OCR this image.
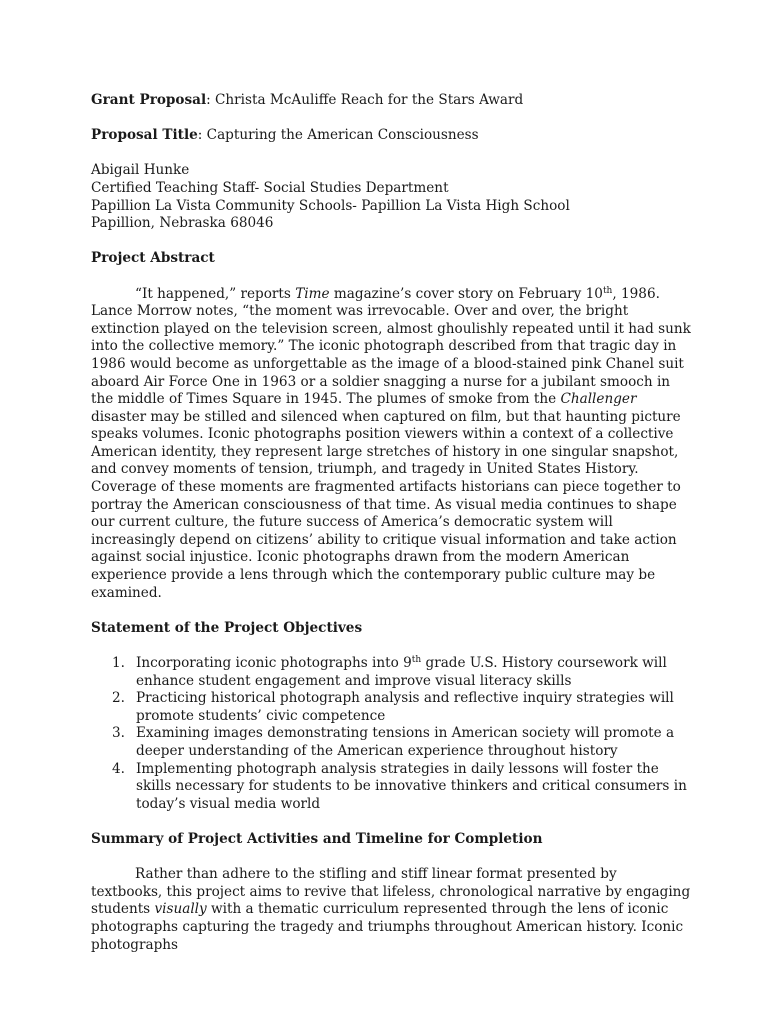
Grant Proposal: Christa McAuliffe Reach for the Stars Award

Proposal Title: Capturing the American Consciousness

Abigail Hunke

Certified Teaching Staff- Social Studies Department

Papillion La Vista Community Schools- Papillion La Vista High School

Papillion, Nebraska 68046

Project Abstract

“It happened,” reports Time magazine’s cover story on February 10th, 1986. Lance Morrow notes, “the moment was irrevocable. Over and over, the bright extinction played on the television screen, almost ghoulishly repeated until it had sunk into the collective memory.” The iconic photograph described from that tragic day in 1986 would become as unforgettable as the image of a blood-stained pink Chanel suit aboard Air Force One in 1963 or a soldier snagging a nurse for a jubilant smooch in the middle of Times Square in 1945. The plumes of smoke from the Challenger disaster may be stilled and silenced when captured on film, but that haunting picture speaks volumes. Iconic photographs position viewers within a context of a collective American identity, they represent large stretches of history in one singular snapshot, and convey moments of tension, triumph, and tragedy in United States History. Coverage of these moments are fragmented artifacts historians can piece together to portray the American consciousness of that time. As visual media continues to shape our current culture, the future success of America’s democratic system will increasingly depend on citizens’ ability to critique visual information and take action against social injustice. Iconic photographs drawn from the modern American experience provide a lens through which the contemporary public culture may be examined.

Statement of the Project Objectives

1. Incorporating iconic photographs into 9th grade U.S. History coursework will enhance student engagement and improve visual literacy skills
2. Practicing historical photograph analysis and reflective inquiry strategies will promote students’ civic competence
3. Examining images demonstrating tensions in American society will promote a deeper understanding of the American experience throughout history
4. Implementing photograph analysis strategies in daily lessons will foster the skills necessary for students to be innovative thinkers and critical consumers in today’s visual media world

Summary of Project Activities and Timeline for Completion

Rather than adhere to the stifling and stiff linear format presented by textbooks, this project aims to revive that lifeless, chronological narrative by engaging students visually with a thematic curriculum represented through the lens of iconic photographs capturing the tragedy and triumphs throughout American history. Iconic photographs
